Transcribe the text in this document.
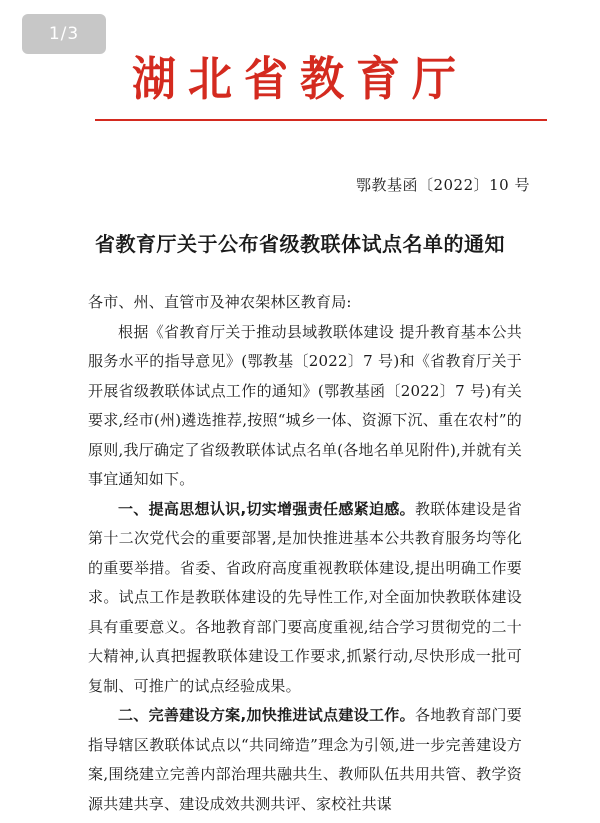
1/3
湖北省教育厅
鄂教基函〔2022〕10 号
省教育厅关于公布省级教联体试点名单的通知

各市、州、直管市及神农架林区教育局:

根据《省教育厅关于推动县域教联体建设 提升教育基本公共服务水平的指导意见》(鄂教基〔2022〕7 号)和《省教育厅关于开展省级教联体试点工作的通知》(鄂教基函〔2022〕7 号)有关要求,经市(州)遴选推荐,按照“城乡一体、资源下沉、重在农村”的原则,我厅确定了省级教联体试点名单(各地名单见附件),并就有关事宜通知如下。

一、提高思想认识,切实增强责任感紧迫感。教联体建设是省第十二次党代会的重要部署,是加快推进基本公共教育服务均等化的重要举措。省委、省政府高度重视教联体建设,提出明确工作要求。试点工作是教联体建设的先导性工作,对全面加快教联体建设具有重要意义。各地教育部门要高度重视,结合学习贯彻党的二十大精神,认真把握教联体建设工作要求,抓紧行动,尽快形成一批可复制、可推广的试点经验成果。

二、完善建设方案,加快推进试点建设工作。各地教育部门要指导辖区教联体试点以“共同缔造”理念为引领,进一步完善建设方案,围绕建立完善内部治理共融共生、教师队伍共用共管、教学资源共建共享、建设成效共测共评、家校社共谋
